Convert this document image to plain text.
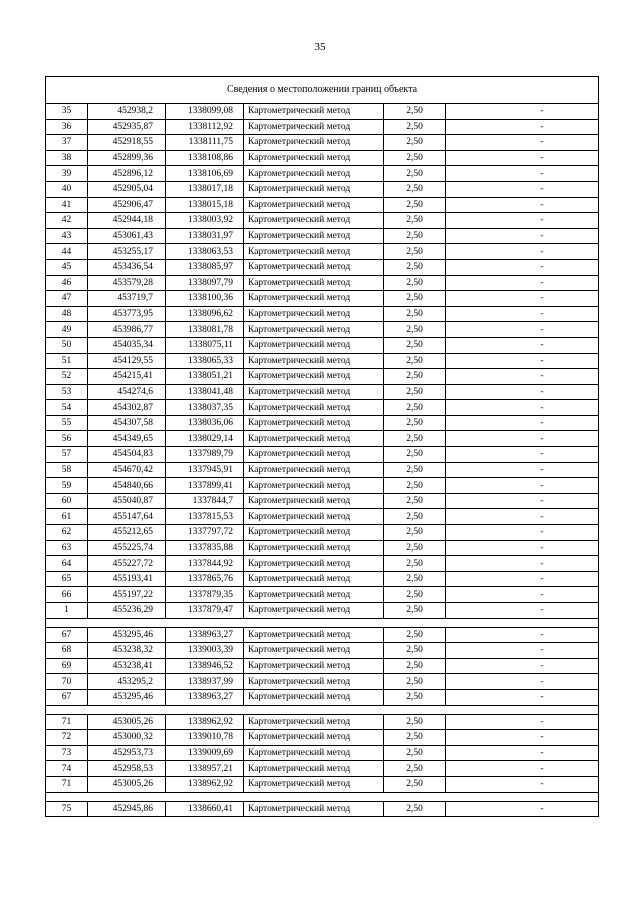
35
Сведения о местоположении границ объекта					
35	452938,2	1338099,08	Картометрический метод	2,50	-
36	452935,87	1338112,92	Картометрический метод	2,50	-
37	452918,55	1338111,75	Картометрический метод	2,50	-
38	452899,36	1338108,86	Картометрический метод	2,50	-
39	452896,12	1338106,69	Картометрический метод	2,50	-
40	452905,04	1338017,18	Картометрический метод	2,50	-
41	452906,47	1338015,18	Картометрический метод	2,50	-
42	452944,18	1338003,92	Картометрический метод	2,50	-
43	453061,43	1338031,97	Картометрический метод	2,50	-
44	453255,17	1338063,53	Картометрический метод	2,50	-
45	453436,54	1338085,97	Картометрический метод	2,50	-
46	453579,28	1338097,79	Картометрический метод	2,50	-
47	453719,7	1338100,36	Картометрический метод	2,50	-
48	453773,95	1338096,62	Картометрический метод	2,50	-
49	453986,77	1338081,78	Картометрический метод	2,50	-
50	454035,34	1338075,11	Картометрический метод	2,50	-
51	454129,55	1338065,33	Картометрический метод	2,50	-
52	454215,41	1338051,21	Картометрический метод	2,50	-
53	454274,6	1338041,48	Картометрический метод	2,50	-
54	454302,87	1338037,35	Картометрический метод	2,50	-
55	454307,58	1338036,06	Картометрический метод	2,50	-
56	454349,65	1338029,14	Картометрический метод	2,50	-
57	454504,83	1337989,79	Картометрический метод	2,50	-
58	454670,42	1337945,91	Картометрический метод	2,50	-
59	454840,66	1337899,41	Картометрический метод	2,50	-
60	455040,87	1337844,7	Картометрический метод	2,50	-
61	455147,64	1337815,53	Картометрический метод	2,50	-
62	455212,65	1337797,72	Картометрический метод	2,50	-
63	455225,74	1337835,88	Картометрический метод	2,50	-
64	455227,72	1337844,92	Картометрический метод	2,50	-
65	455193,41	1337865,76	Картометрический метод	2,50	-
66	455197,22	1337879,35	Картометрический метод	2,50	-
1	455236,29	1337879,47	Картометрический метод	2,50	-

67	453295,46	1338963,27	Картометрический метод	2,50	-
68	453238,32	1339003,39	Картометрический метод	2,50	-
69	453238,41	1338946,52	Картометрический метод	2,50	-
70	453295,2	1338937,99	Картометрический метод	2,50	-
67	453295,46	1338963,27	Картометрический метод	2,50	-

71	453005,26	1338962,92	Картометрический метод	2,50	-
72	453000,32	1339010,78	Картометрический метод	2,50	-
73	452953,73	1339009,69	Картометрический метод	2,50	-
74	452958,53	1338957,21	Картометрический метод	2,50	-
71	453005,26	1338962,92	Картометрический метод	2,50	-

75	452945,86	1338660,41	Картометрический метод	2,50	-
